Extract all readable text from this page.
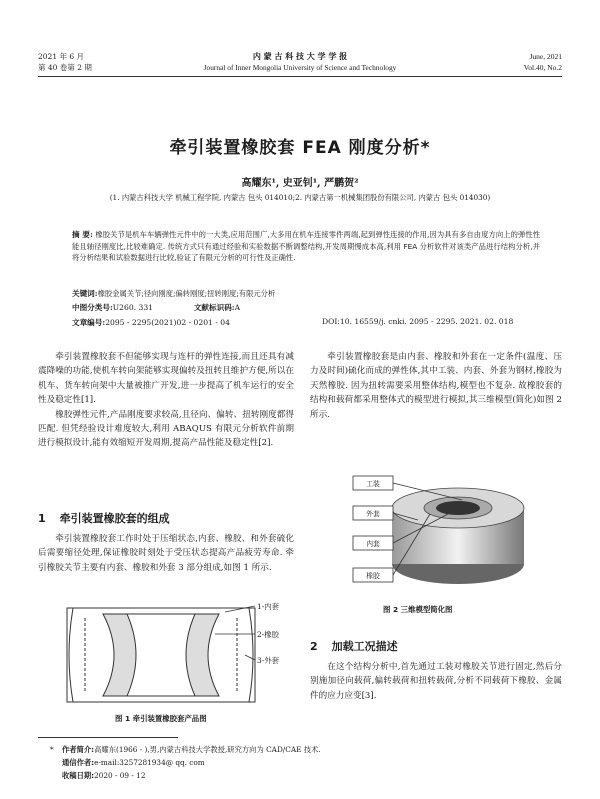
2021 年 6 月
第 40 卷第 2 期
内 蒙 古 科 技 大 学 学 报
Journal of Inner Mongolia University of Science and Technology
June, 2021
Vol.40, No.2
牵引装置橡胶套 FEA 刚度分析*
高耀东¹, 史亚钊¹, 严鹏贺²
(1. 内蒙古科技大学 机械工程学院, 内蒙古 包头 014010;2. 内蒙古第一机械集团股份有限公司, 内蒙古 包头 014030)
摘 要: 橡胶关节是机车车辆弹性元件中的一大类,应用范围广,大多用在机车连接零件两端,起到弹性连接的作用,因为具有多自由度方向上的弹性性能且轴径刚度比,比较难确定. 传统方式只有通过经验和实验数据不断调整结构,开发周期慢成本高,利用 FEA 分析软件对该类产品进行结构分析,并将分析结果和试验数据进行比较,验证了有限元分析的可行性及正确性.
关键词:橡胶金属关节;径向刚度;偏转刚度;扭转刚度;有限元分析
中图分类号:U260. 331	文献标识码:A
文章编号:2095 - 2295(2021)02 - 0201 - 04	DOI:10. 16559/j. cnki. 2095 - 2295. 2021. 02. 018

牵引装置橡胶套不但能够实现与连杆的弹性连接,而且还具有减震降噪的功能,使机车转向架能够实现偏转及扭转且维护方便,所以在机车、货车转向架中大量被推广开发,进一步提高了机车运行的安全性及稳定性[1].

橡胶弹性元件,产品刚度要求较高,且径向、偏转、扭转刚度都得匹配. 但凭经验设计难度较大,利用 ABAQUS 有限元分析软件前期进行模拟设计,能有效缩短开发周期,提高产品性能及稳定性[2].

1 牵引装置橡胶套的组成

牵引装置橡胶套工作时处于压缩状态,内套、橡胶、和外套硫化后需要缩径处理,保证橡胶时刻处于受压状态提高产品疲劳寿命. 牵引橡胶关节主要有内套、橡胶和外套 3 部分组成,如图 1 所示.

1-内套
2-橡胶
3-外套
图 1 牵引装置橡胶套产品图

牵引装置橡胶套是由内套、橡胶和外套在一定条件(温度、压力及时间)硫化而成的弹性体,其中工装、内套、外套为钢材,橡胶为天然橡胶. 因为扭转需要采用整体结构,模型也不复杂. 故橡胶套的结构和载荷都采用整体式的模型进行模拟,其三维模型(简化)如图 2 所示.

工装
外套
内套
橡胶
图 2 三维模型简化图
2 加载工况描述

在这个结构分析中,首先通过工装对橡胶关节进行固定,然后分别施加径向载荷,偏转载荷和扭转载荷,分析不同载荷下橡胶、金属件的应力应变[3].

* 作者简介:高耀东(1966 - ),男,内蒙古科技大学教授,研究方向为 CAD/CAE 技术.
通信作者:e-mail:3257281934@ qq. com
收稿日期:2020 - 09 - 12
